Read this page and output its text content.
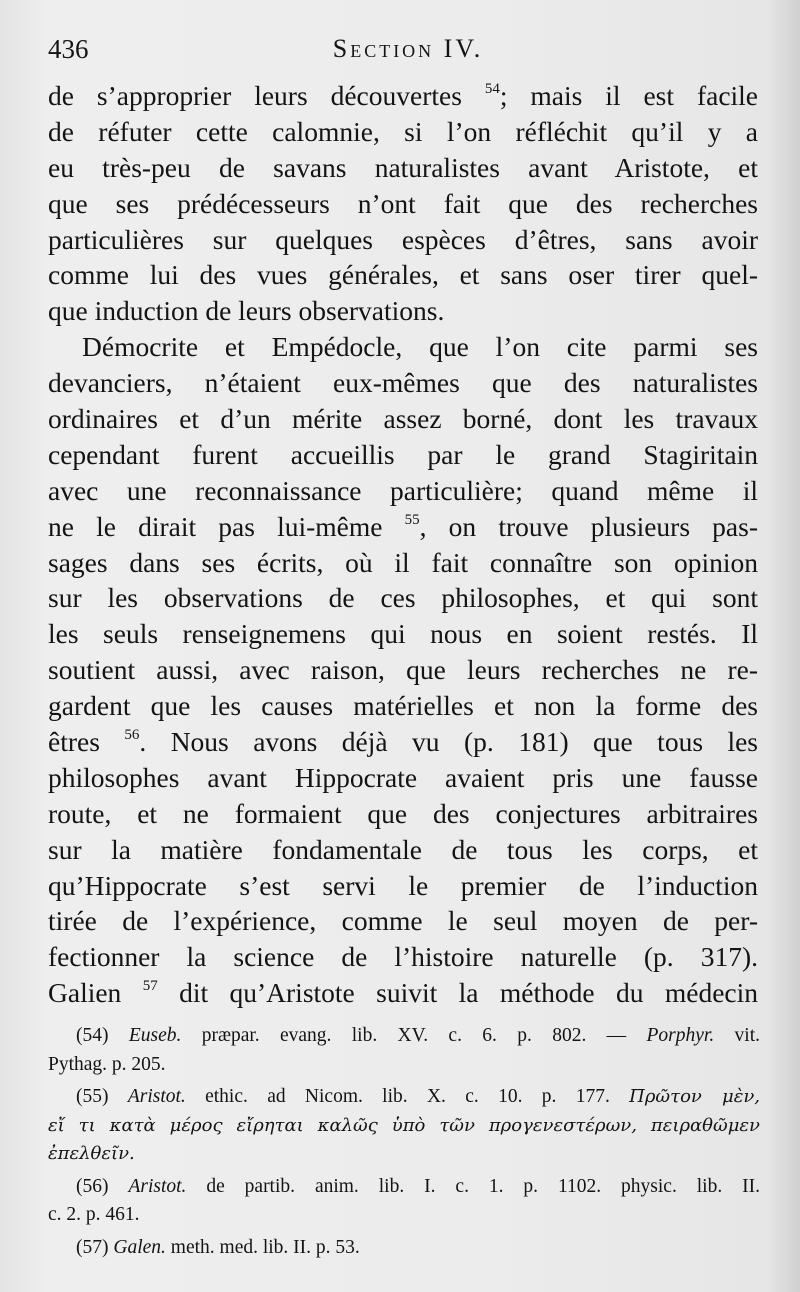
436	Section IV.
de s’approprier leurs découvertes $^{54}$; mais il est facile
de réfuter cette calomnie, si l’on réfléchit qu’il y a
eu très-peu de savans naturalistes avant Aristote, et
que ses prédécesseurs n’ont fait que des recherches
particulières sur quelques espèces d’êtres, sans avoir
comme lui des vues générales, et sans oser tirer quel-
que induction de leurs observations.
Démocrite et Empédocle, que l’on cite parmi ses
devanciers, n’étaient eux-mêmes que des naturalistes
ordinaires et d’un mérite assez borné, dont les travaux
cependant furent accueillis par le grand Stagiritain
avec une reconnaissance particulière; quand même il
ne le dirait pas lui-même $^{55}$, on trouve plusieurs pas-
sages dans ses écrits, où il fait connaître son opinion
sur les observations de ces philosophes, et qui sont
les seuls renseignemens qui nous en soient restés. Il
soutient aussi, avec raison, que leurs recherches ne re-
gardent que les causes matérielles et non la forme des
êtres $^{56}$. Nous avons déjà vu (p. 181) que tous les
philosophes avant Hippocrate avaient pris une fausse
route, et ne formaient que des conjectures arbitraires
sur la matière fondamentale de tous les corps, et
qu’Hippocrate s’est servi le premier de l’induction
tirée de l’expérience, comme le seul moyen de per-
fectionner la science de l’histoire naturelle (p. 317).
Galien $^{57}$ dit qu’Aristote suivit la méthode du médecin
(54) Euseb. præpar. evang. lib. XV. c. 6. p. 802. — Porphyr. vit.
Pythag. p. 205.
(55) Aristot. ethic. ad Nicom. lib. X. c. 10. p. 177. Πρῶτον μὲν,
εἴ τι κατὰ μέρος εἴρηται καλῶς ὑπὸ τῶν προγενεστέρων, πειραθῶμεν
ἐπελθεῖν.
(56) Aristot. de partib. anim. lib. I. c. 1. p. 1102. physic. lib. II.
c. 2. p. 461.
(57) Galen. meth. med. lib. II. p. 53.
